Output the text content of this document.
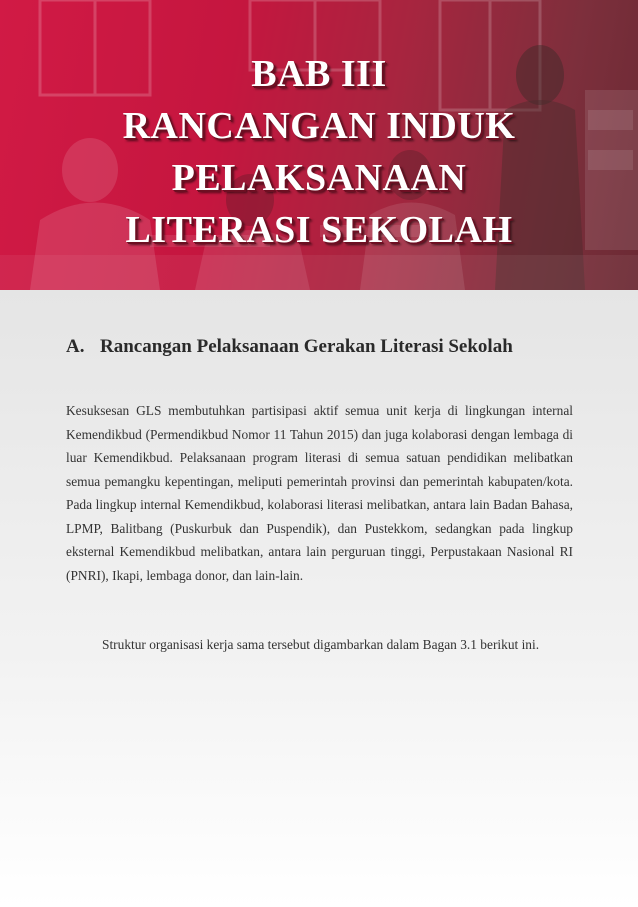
BAB III
RANCANGAN INDUK
PELAKSANAAN
LITERASI SEKOLAH
A. Rancangan Pelaksanaan Gerakan Literasi Sekolah

Kesuksesan GLS membutuhkan partisipasi aktif semua unit kerja di lingkungan internal Kemendikbud (Permendikbud Nomor 11 Tahun 2015) dan juga kolaborasi dengan lembaga di luar Kemendikbud. Pelaksanaan program literasi di semua satuan pendidikan melibatkan semua pemangku kepentingan, meliputi pemerintah provinsi dan pemerintah kabupaten/kota. Pada lingkup internal Kemendikbud, kolaborasi literasi melibatkan, antara lain Badan Bahasa, LPMP, Balitbang (Puskurbuk dan Puspendik), dan Pustekkom, sedangkan pada lingkup eksternal Kemendikbud melibatkan, antara lain perguruan tinggi, Perpustakaan Nasional RI (PNRI), Ikapi, lembaga donor, dan lain-lain.

Struktur organisasi kerja sama tersebut digambarkan dalam Bagan 3.1 berikut ini.
